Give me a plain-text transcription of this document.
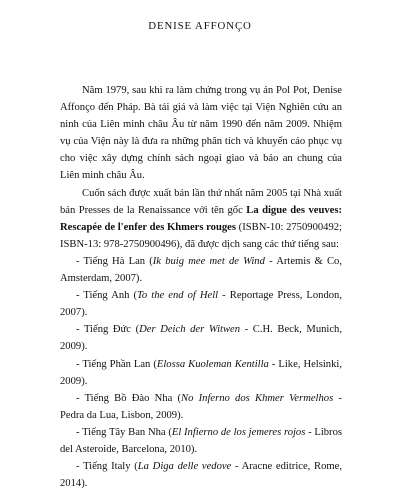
DENISE AFFONÇO

Năm 1979, sau khi ra làm chứng trong vụ án Pol Pot, Denise Affonço đến Pháp. Bà tái giá và làm việc tại Viện Nghiên cứu an ninh của Liên minh châu Âu từ năm 1990 đến năm 2009. Nhiệm vụ của Viện này là đưa ra những phân tích và khuyến cáo phục vụ cho việc xây dựng chính sách ngoại giao và bảo an chung của Liên minh châu Âu.

Cuốn sách được xuất bản lần thứ nhất năm 2005 tại Nhà xuất bản Presses de la Renaissance với tên gốc La digue des veuves: Rescapée de l'enfer des Khmers rouges (ISBN-10: 2750900492; ISBN-13: 978-2750900496), đã được dịch sang các thứ tiếng sau:

- Tiếng Hà Lan (Ik buig mee met de Wind - Artemis & Co, Amsterdam, 2007).

- Tiếng Anh (To the end of Hell - Reportage Press, London, 2007).

- Tiếng Đức (Der Deich der Witwen - C.H. Beck, Munich, 2009).

- Tiếng Phần Lan (Elossa Kuoleman Kentilla - Like, Helsinki, 2009).

- Tiếng Bồ Đào Nha (No Inferno dos Khmer Vermelhos - Pedra da Lua, Lisbon, 2009).

- Tiếng Tây Ban Nha (El Infierno de los jemeres rojos - Libros del Asteroide, Barcelona, 2010).

- Tiếng Italy (La Diga delle vedove - Aracne editrice, Rome, 2014).
